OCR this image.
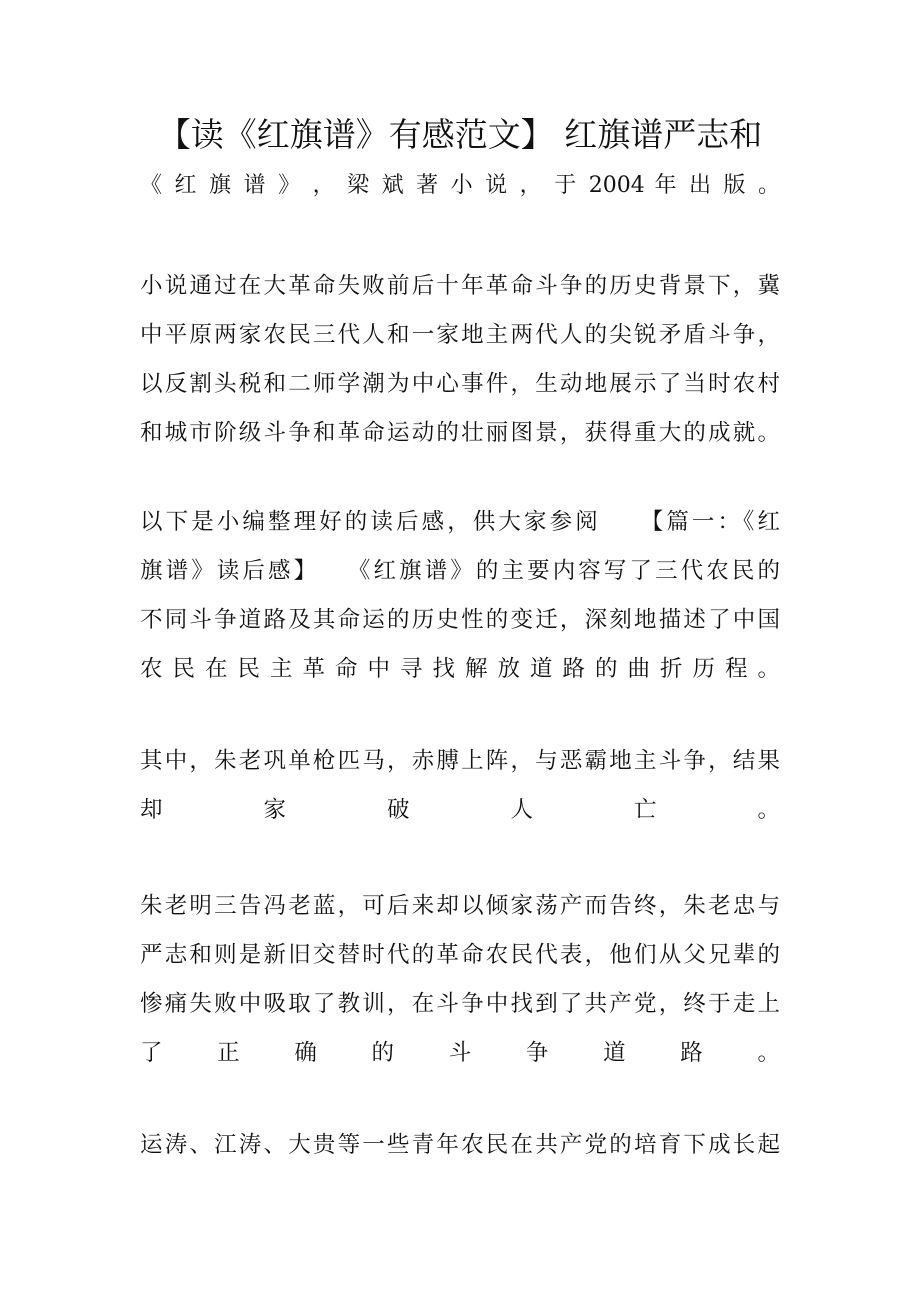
【读《红旗谱》有感范文】 红旗谱严志和
《 红 旗 谱 》 ， 梁 斌 著 小 说 ， 于 2004 年 出 版 。
小说通过在大革命失败前后十年革命斗争的历史背景下，冀
中平原两家农民三代人和一家地主两代人的尖锐矛盾斗争，
以反割头税和二师学潮为中心事件，生动地展示了当时农村
和城市阶级斗争和革命运动的壮丽图景，获得重大的成就。
以下是小编整理好的读后感，供大家参阅　　【篇一：《红
旗谱》读后感】　　《红旗谱》的主要内容写了三代农民的
不同斗争道路及其命运的历史性的变迁，深刻地描述了中国
农民在民主革命中寻找解放道路的曲折历程。
其中，朱老巩单枪匹马，赤膊上阵，与恶霸地主斗争，结果
却家破人亡。
朱老明三告冯老蓝，可后来却以倾家荡产而告终，朱老忠与
严志和则是新旧交替时代的革命农民代表，他们从父兄辈的
惨痛失败中吸取了教训，在斗争中找到了共产党，终于走上
了正确的斗争道路。
运涛、江涛、大贵等一些青年农民在共产党的培育下成长起
